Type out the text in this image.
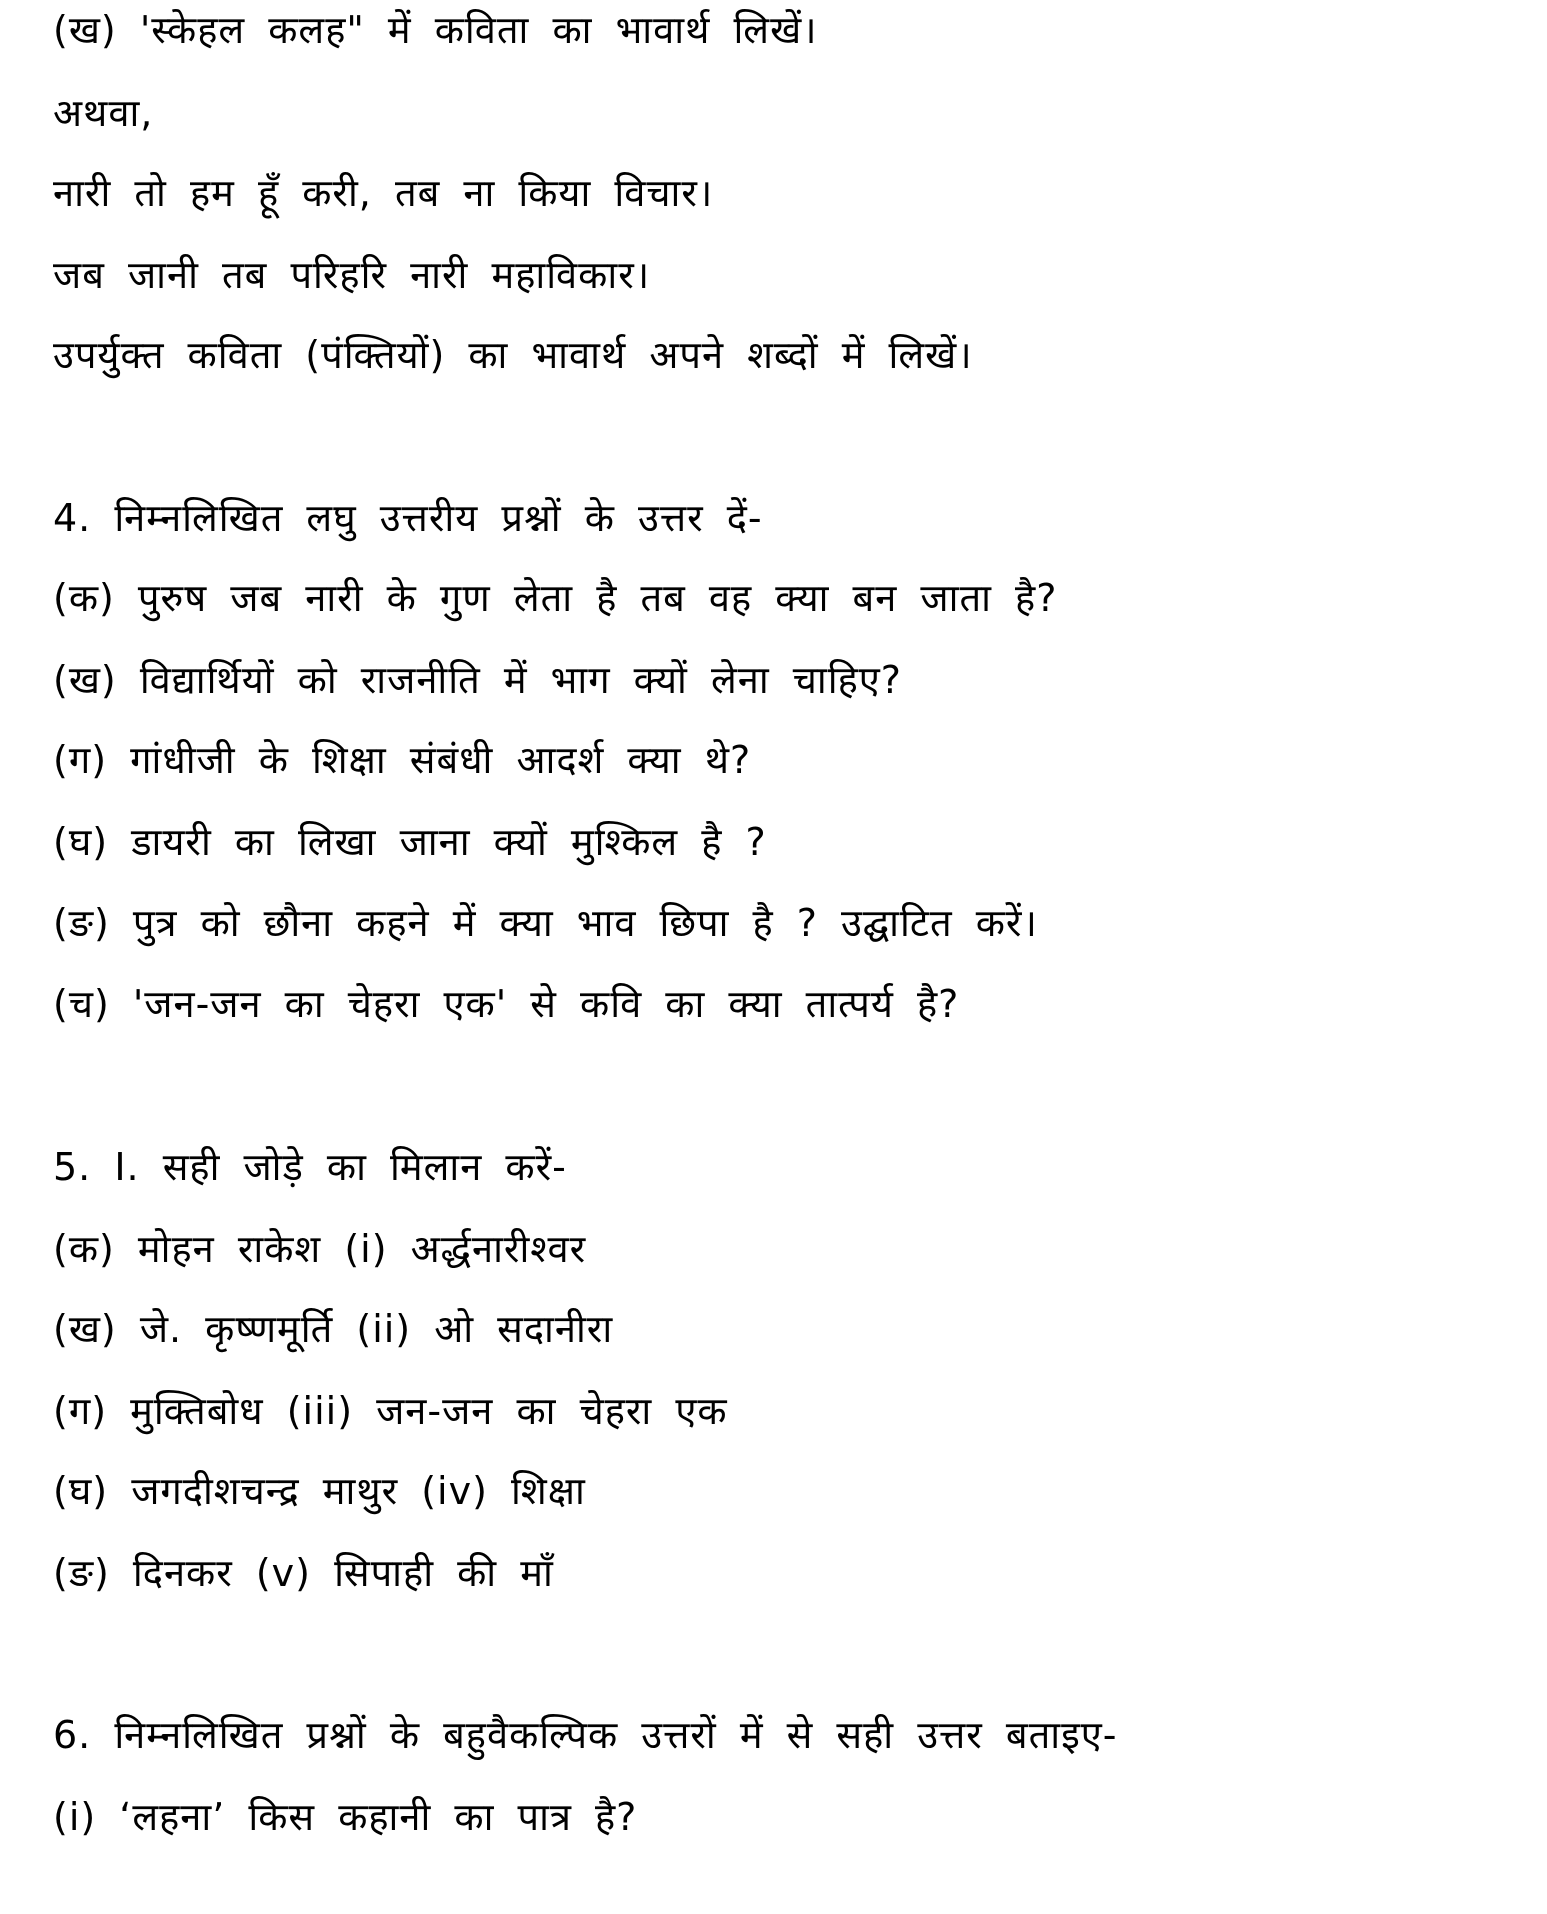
(ख) 'स्केहल कलह" में कविता का भावार्थ लिखें।
अथवा,
नारी तो हम हूँ करी, तब ना किया विचार।
जब जानी तब परिहरि नारी महाविकार।
उपर्युक्त कविता (पंक्तियों) का भावार्थ अपने शब्दों में लिखें।
4. निम्नलिखित लघु उत्तरीय प्रश्नों के उत्तर दें-
(क) पुरुष जब नारी के गुण लेता है तब वह क्या बन जाता है?
(ख) विद्यार्थियों को राजनीति में भाग क्यों लेना चाहिए?
(ग) गांधीजी के शिक्षा संबंधी आदर्श क्या थे?
(घ) डायरी का लिखा जाना क्यों मुश्किल है ?
(ङ) पुत्र को छौना कहने में क्या भाव छिपा है ? उद्घाटित करें।
(च) 'जन-जन का चेहरा एक' से कवि का क्या तात्पर्य है?
5. I. सही जोड़े का मिलान करें-
(क) मोहन राकेश (i) अर्द्धनारीश्वर
(ख) जे. कृष्णमूर्ति (ii) ओ सदानीरा
(ग) मुक्तिबोध (iii) जन-जन का चेहरा एक
(घ) जगदीशचन्द्र माथुर (iv) शिक्षा
(ङ) दिनकर (v) सिपाही की माँ
6. निम्नलिखित प्रश्नों के बहुवैकल्पिक उत्तरों में से सही उत्तर बताइए-
(i) ‘लहना’ किस कहानी का पात्र है?
